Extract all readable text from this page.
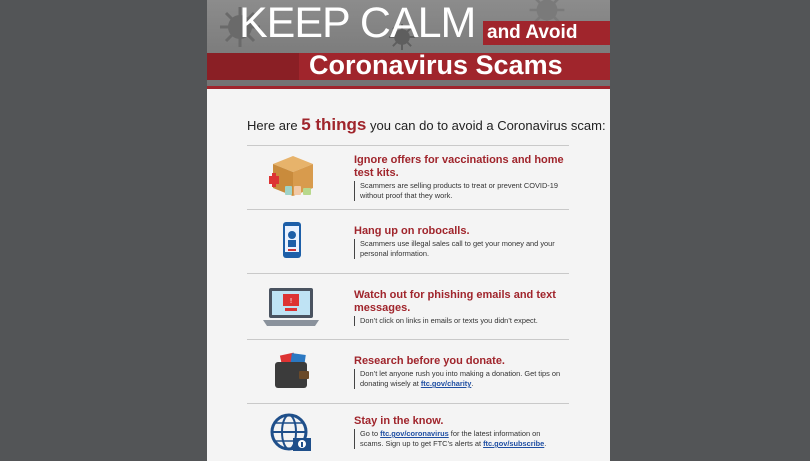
KEEP CALM and Avoid
Coronavirus Scams
Here are 5 things you can do to avoid a Coronavirus scam:
Ignore offers for vaccinations and home test kits.
Scammers are selling products to treat or prevent COVID-19 without proof that they work.
Hang up on robocalls.
Scammers use illegal sales call to get your money and your personal information.
!	Watch out for phishing emails and text messages.
Don’t click on links in emails or texts you didn’t expect.
Research before you donate.
Don’t let anyone rush you into making a donation. Get tips on donating wisely at ftc.gov/charity.
Stay in the know.
Go to ftc.gov/coronavirus for the latest information on scams. Sign up to get FTC’s alerts at ftc.gov/subscribe.
